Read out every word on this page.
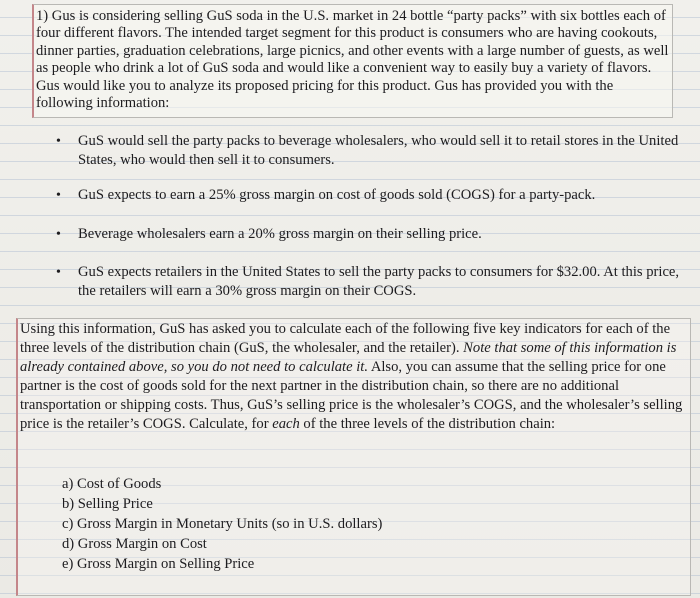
1) Gus is considering selling GuS soda in the U.S. market in 24 bottle “party packs” with six bottles each of four different flavors. The intended target segment for this product is consumers who are having cookouts, dinner parties, graduation celebrations, large picnics, and other events with a large number of guests, as well as people who drink a lot of GuS soda and would like a convenient way to easily buy a variety of flavors. Gus would like you to analyze its proposed pricing for this product. Gus has provided you with the following information:

• GuS would sell the party packs to beverage wholesalers, who would sell it to retail stores in the United States, who would then sell it to consumers.
• GuS expects to earn a 25% gross margin on cost of goods sold (COGS) for a party-pack.
• Beverage wholesalers earn a 20% gross margin on their selling price.
• GuS expects retailers in the United States to sell the party packs to consumers for $32.00. At this price, the retailers will earn a 30% gross margin on their COGS.

Using this information, GuS has asked you to calculate each of the following five key indicators for each of the three levels of the distribution chain (GuS, the wholesaler, and the retailer). Note that some of this information is already contained above, so you do not need to calculate it. Also, you can assume that the selling price for one partner is the cost of goods sold for the next partner in the distribution chain, so there are no additional transportation or shipping costs. Thus, GuS’s selling price is the wholesaler’s COGS, and the wholesaler’s selling price is the retailer’s COGS. Calculate, for each of the three levels of the distribution chain:

a) Cost of Goods
b) Selling Price
c) Gross Margin in Monetary Units (so in U.S. dollars)
d) Gross Margin on Cost
e) Gross Margin on Selling Price
